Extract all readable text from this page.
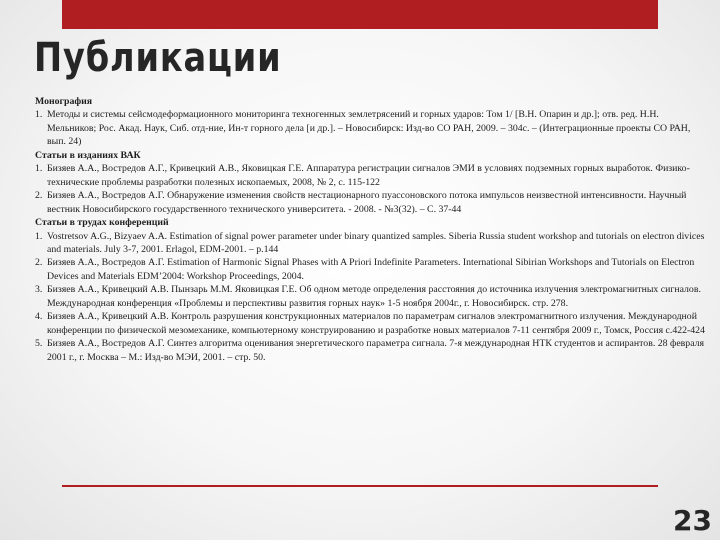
Публикации
Монография
1. Методы и системы сейсмодеформационного мониторинга техногенных землетрясений и горных ударов: Том 1/ [В.Н. Опарин и др.]; отв. ред. Н.Н. Мельников; Рос. Акад. Наук, Сиб. отд-ние, Ин-т горного дела [и др.]. – Новосибирск: Изд-во СО РАН, 2009. – 304с. – (Интеграционные проекты СО РАН, вып. 24)
Статьи в изданиях ВАК
1. Бизяев А.А., Востредов А.Г., Кривецкий А.В., Яковицкая Г.Е. Аппаратура регистрации сигналов ЭМИ в условиях подземных горных выработок. Физико-технические проблемы разработки полезных ископаемых, 2008, № 2, с. 115-122
2. Бизяев А.А., Востредов А.Г. Обнаружение изменения свойств нестационарного пуассоновского потока импульсов неизвестной интенсивности. Научный вестник Новосибирского государственного технического университета. - 2008. - №3(32). – С. 37-44
Статьи в трудах конференций
1. Vostretsov A.G., Bizyaev A.A. Estimation of signal power parameter under binary quantized samples. Siberia Russia student workshop and tutorials on electron divices and materials. July 3-7, 2001. Erlagol, EDM-2001. – p.144
2. Бизяев А.А., Востредов А.Г. Estimation of Harmonic Signal Phases with A Priori Indefinite Parameters. International Sibirian Workshops and Tutorials on Electron Devices and Materials EDM’2004: Workshop Proceedings, 2004.
3. Бизяев А.А., Кривецкий А.В. Пынзарь М.М. Яковицкая Г.Е. Об одном методе определения расстояния до источника излучения электромагнитных сигналов. Международная конференция «Проблемы и перспективы развития горных наук» 1-5 ноября 2004г., г. Новосибирск. стр. 278.
4. Бизяев А.А., Кривецкий А.В. Контроль разрушения конструкционных материалов по параметрам сигналов электромагнитного излучения. Международной конференции по физической мезомеханике, компьютерному конструированию и разработке новых материалов 7-11 сентября 2009 г., Томск, Россия с.422-424
5. Бизяев А.А., Востредов А.Г. Синтез алгоритма оценивания энергетического параметра сигнала. 7-я международная НТК студентов и аспирантов. 28 февраля 2001 г., г. Москва – М.: Изд-во МЭИ, 2001. – стр. 50.
23
